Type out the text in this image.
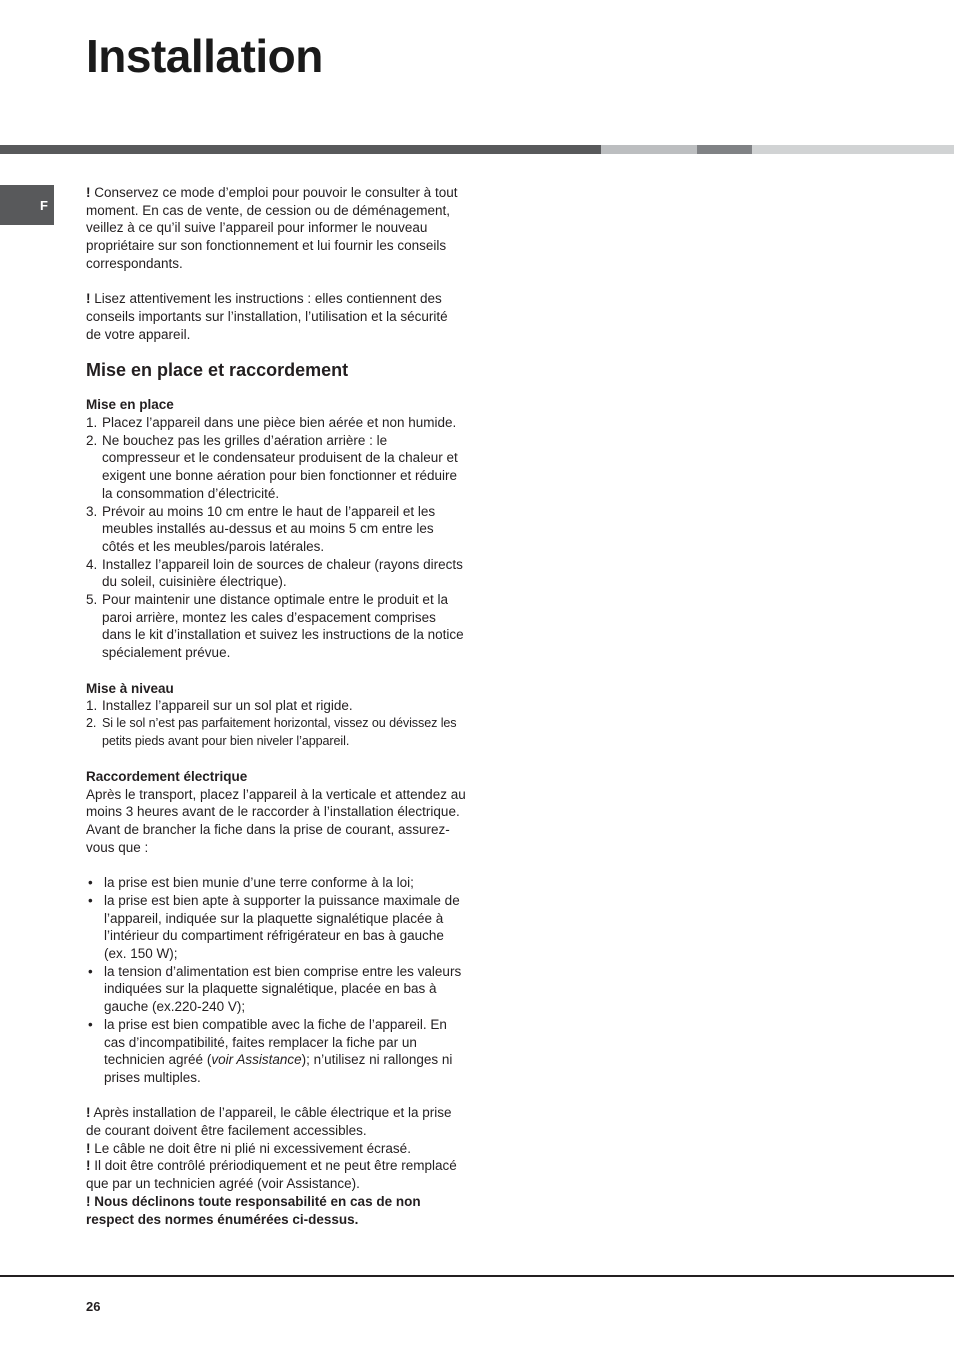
Installation
F

! Conservez ce mode d’emploi pour pouvoir le consulter à tout moment. En cas de vente, de cession ou de déménagement, veillez à ce qu’il suive l’appareil pour informer le nouveau propriétaire sur son fonctionnement et lui fournir les conseils correspondants.

! Lisez attentivement les instructions : elles contiennent des conseils importants sur l’installation, l’utilisation et la sécurité de votre appareil.

Mise en place et raccordement

Mise en place

1. Placez l’appareil dans une pièce bien aérée et non humide.
2. Ne bouchez pas les grilles d’aération arrière : le compresseur et le condensateur produisent de la chaleur et exigent une bonne aération pour bien fonctionner et réduire la consommation d’électricité.
3. Prévoir au moins 10 cm entre le haut de l’appareil et les meubles installés au-dessus et au moins 5 cm entre les côtés et les meubles/parois latérales.
4. Installez l’appareil loin de sources de chaleur (rayons directs du soleil, cuisinière électrique).
5. Pour maintenir une distance optimale entre le produit et la paroi arrière, montez les cales d’espacement comprises dans le kit d’installation et suivez les instructions de la notice spécialement prévue.

Mise à niveau

1. Installez l’appareil sur un sol plat et rigide.
2. Si le sol n’est pas parfaitement horizontal, vissez ou dévissez les petits pieds avant pour bien niveler l’appareil.

Raccordement électrique

Après le transport, placez l’appareil à la verticale et attendez au moins 3 heures avant de le raccorder à l’installation électrique. Avant de brancher la fiche dans la prise de courant, assurez-vous que :

• la prise est bien munie d’une terre conforme à la loi;
• la prise est bien apte à supporter la puissance maximale de l’appareil, indiquée sur la plaquette signalétique placée à l’intérieur du compartiment réfrigérateur en bas à gauche (ex. 150 W);
• la tension d’alimentation est bien comprise entre les valeurs indiquées sur la plaquette signalétique, placée en bas à gauche (ex.220-240 V);
• la prise est bien compatible avec la fiche de l’appareil. En cas d’incompatibilité, faites remplacer la fiche par un technicien agréé (voir Assistance); n’utilisez ni rallonges ni prises multiples.

! Après installation de l’appareil, le câble électrique et la prise de courant doivent être facilement accessibles.

! Le câble ne doit être ni plié ni excessivement écrasé.

! Il doit être contrôlé prériodiquement et ne peut être remplacé que par un technicien agréé (voir Assistance).

! Nous déclinons toute responsabilité en cas de non respect des normes énumérées ci-dessus.

26
